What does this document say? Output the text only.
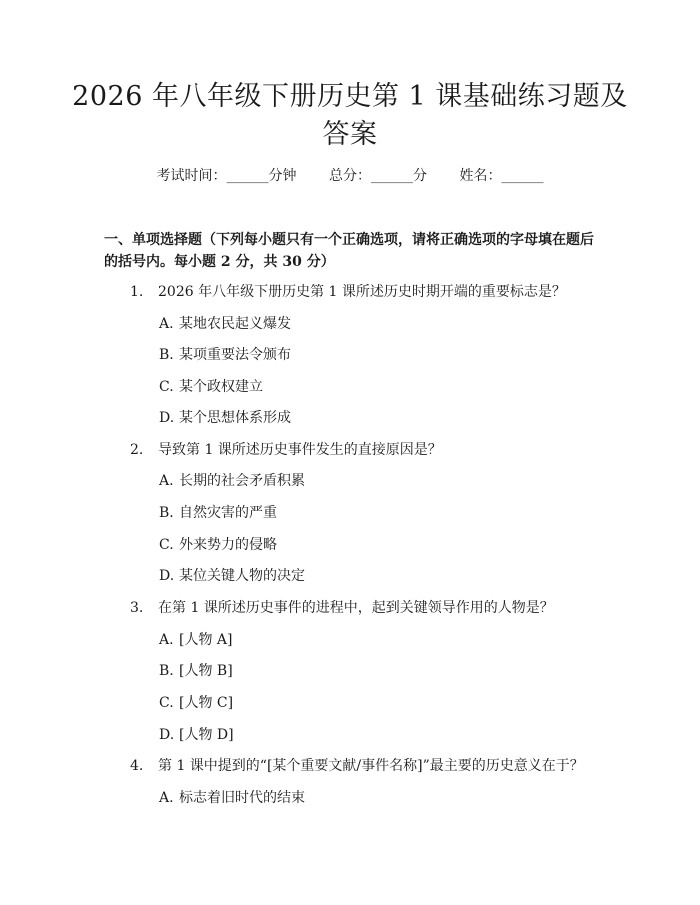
2026 年八年级下册历史第 1 课基础练习题及答案
考试时间：______分钟 总分：______分 姓名：______
一、单项选择题（下列每小题只有一个正确选项，请将正确选项的字母填在题后的括号内。每小题 2 分，共 30 分）
1. 2026 年八年级下册历史第 1 课所述历史时期开端的重要标志是？
A. 某地农民起义爆发
B. 某项重要法令颁布
C. 某个政权建立
D. 某个思想体系形成
2. 导致第 1 课所述历史事件发生的直接原因是？
A. 长期的社会矛盾积累
B. 自然灾害的严重
C. 外来势力的侵略
D. 某位关键人物的决定
3. 在第 1 课所述历史事件的进程中，起到关键领导作用的人物是？
A. [人物 A]
B. [人物 B]
C. [人物 C]
D. [人物 D]
4. 第 1 课中提到的“[某个重要文献/事件名称]”最主要的历史意义在于？
A. 标志着旧时代的结束
